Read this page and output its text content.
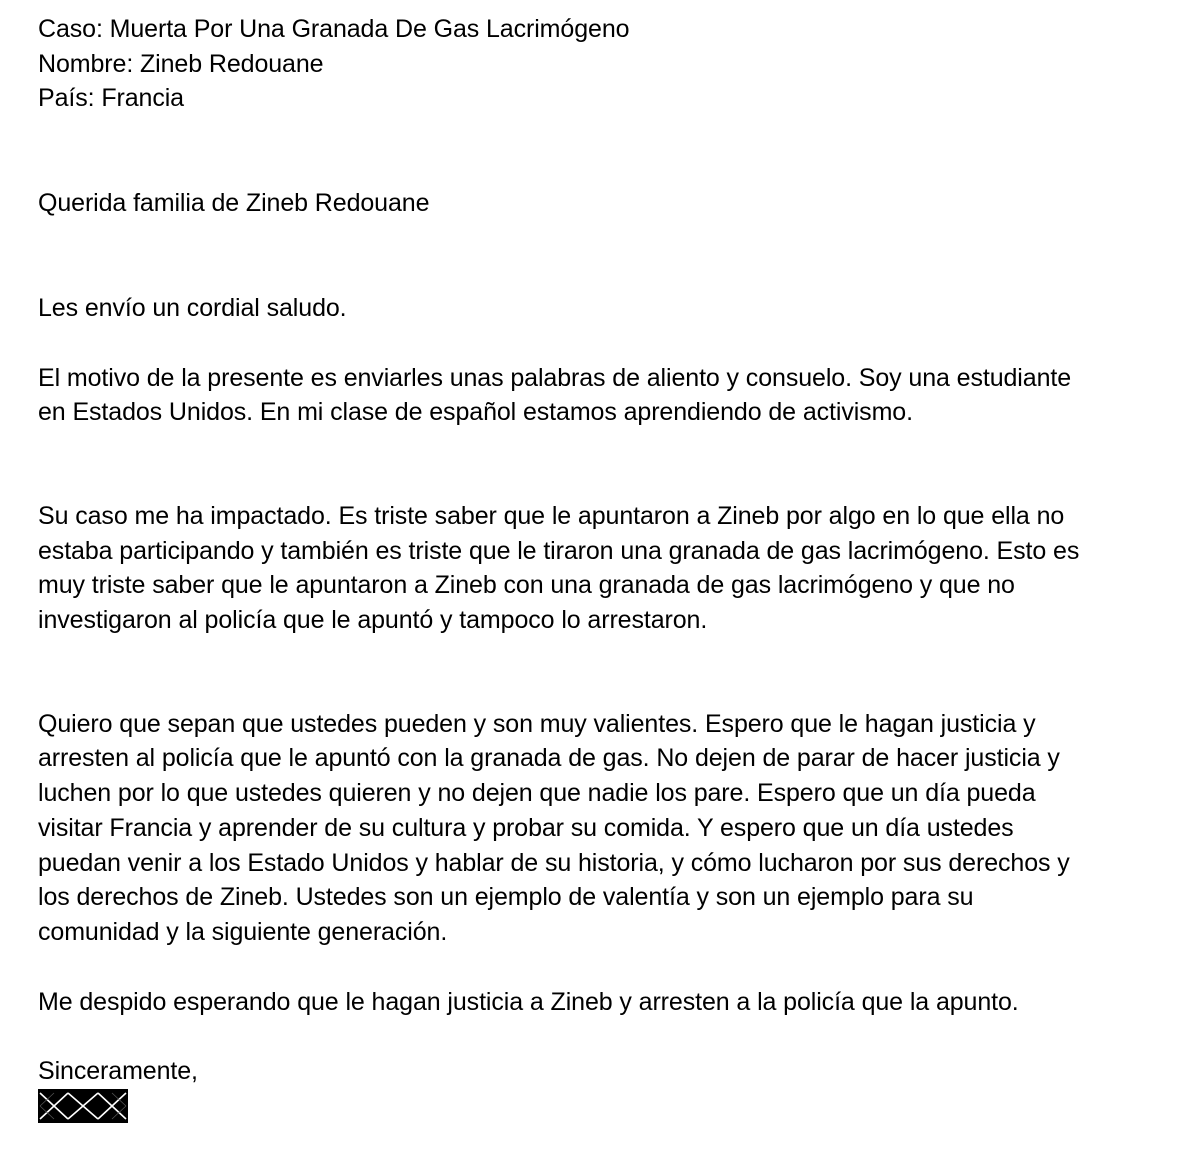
Caso: Muerta Por Una Granada De Gas Lacrimógeno
Nombre: Zineb Redouane
País: Francia
Querida familia de Zineb Redouane
Les envío un cordial saludo.
El motivo de la presente es enviarles unas palabras de aliento y consuelo. Soy una estudiante
en Estados Unidos. En mi clase de español estamos aprendiendo de activismo.
Su caso me ha impactado. Es triste saber que le apuntaron a Zineb por algo en lo que ella no
estaba participando y también es triste que le tiraron una granada de gas lacrimógeno. Esto es
muy triste saber que le apuntaron a Zineb con una granada de gas lacrimógeno y que no
investigaron al policía que le apuntó y tampoco lo arrestaron.
Quiero que sepan que ustedes pueden y son muy valientes. Espero que le hagan justicia y
arresten al policía que le apuntó con la granada de gas. No dejen de parar de hacer justicia y
luchen por lo que ustedes quieren y no dejen que nadie los pare. Espero que un día pueda
visitar Francia y aprender de su cultura y probar su comida. Y espero que un día ustedes
puedan venir a los Estado Unidos y hablar de su historia, y cómo lucharon por sus derechos y
los derechos de Zineb. Ustedes son un ejemplo de valentía y son un ejemplo para su
comunidad y la siguiente generación.
Me despido esperando que le hagan justicia a Zineb y arresten a la policía que la apunto.
Sinceramente,
